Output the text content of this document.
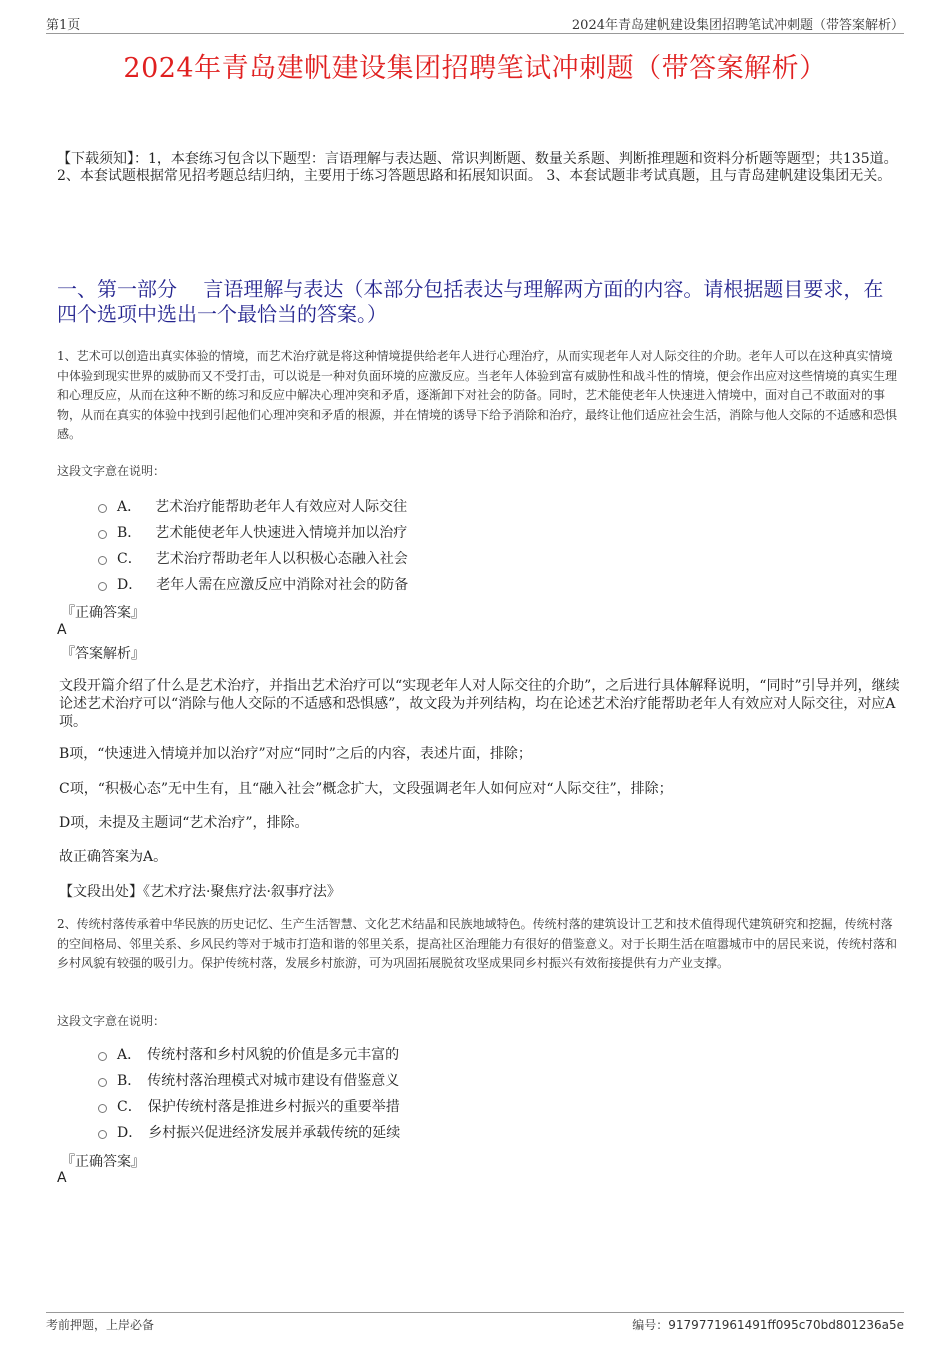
第1页	2024年青岛建帆建设集团招聘笔试冲刺题（带答案解析）
2024年青岛建帆建设集团招聘笔试冲刺题（带答案解析）
【下载须知】：1，本套练习包含以下题型：言语理解与表达题、常识判断题、数量关系题、判断推理题和资料分析题等题型；共135道。 2、本套试题根据常见招考题总结归纳，主要用于练习答题思路和拓展知识面。 3、本套试题非考试真题，且与青岛建帆建设集团无关。
一、第一部分　 言语理解与表达（本部分包括表达与理解两方面的内容。请根据题目要求，在四个选项中选出一个最恰当的答案。）
1、艺术可以创造出真实体验的情境，而艺术治疗就是将这种情境提供给老年人进行心理治疗，从而实现老年人对人际交往的介助。老年人可以在这种真实情境中体验到现实世界的威胁而又不受打击，可以说是一种对负面环境的应激反应。当老年人体验到富有威胁性和战斗性的情境，便会作出应对这些情境的真实生理和心理反应，从而在这种不断的练习和反应中解决心理冲突和矛盾，逐渐卸下对社会的防备。同时，艺术能使老年人快速进入情境中，面对自己不敢面对的事物，从而在真实的体验中找到引起他们心理冲突和矛盾的根源，并在情境的诱导下给予消除和治疗，最终让他们适应社会生活，消除与他人交际的不适感和恐惧感。
这段文字意在说明：
A． 艺术治疗能帮助老年人有效应对人际交往
B． 艺术能使老年人快速进入情境并加以治疗
C． 艺术治疗帮助老年人以积极心态融入社会
D． 老年人需在应激反应中消除对社会的防备
『正确答案』
A
『答案解析』
文段开篇介绍了什么是艺术治疗，并指出艺术治疗可以“实现老年人对人际交往的介助”，之后进行具体解释说明，“同时”引导并列，继续论述艺术治疗可以“消除与他人交际的不适感和恐惧感”，故文段为并列结构，均在论述艺术治疗能帮助老年人有效应对人际交往，对应A项。
B项，“快速进入情境并加以治疗”对应“同时”之后的内容，表述片面，排除；
C项，“积极心态”无中生有，且“融入社会”概念扩大，文段强调老年人如何应对“人际交往”，排除；
D项，未提及主题词“艺术治疗”，排除。
故正确答案为A。
【文段出处】《艺术疗法·聚焦疗法·叙事疗法》
2、传统村落传承着中华民族的历史记忆、生产生活智慧、文化艺术结晶和民族地域特色。传统村落的建筑设计工艺和技术值得现代建筑研究和挖掘，传统村落的空间格局、邻里关系、乡风民约等对于城市打造和谐的邻里关系，提高社区治理能力有很好的借鉴意义。对于长期生活在喧嚣城市中的居民来说，传统村落和乡村风貌有较强的吸引力。保护传统村落，发展乡村旅游，可为巩固拓展脱贫攻坚成果同乡村振兴有效衔接提供有力产业支撑。
这段文字意在说明：
A． 传统村落和乡村风貌的价值是多元丰富的
B． 传统村落治理模式对城市建设有借鉴意义
C． 保护传统村落是推进乡村振兴的重要举措
D． 乡村振兴促进经济发展并承载传统的延续
『正确答案』
A
考前押题，上岸必备	编号：9179771961491ff095c70bd801236a5e
